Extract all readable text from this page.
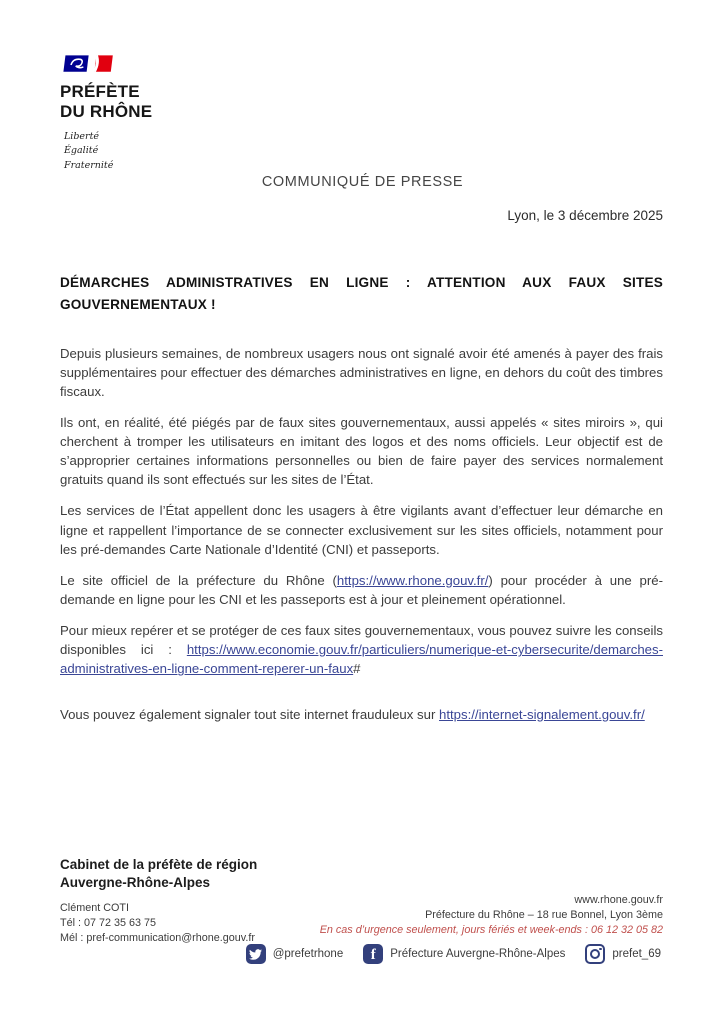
PRÉFÈTE
DU RHÔNE
Liberté
Égalité
Fraternité
COMMUNIQUÉ DE PRESSE
Lyon, le 3 décembre 2025

DÉMARCHES ADMINISTRATIVES EN LIGNE : ATTENTION AUX FAUX SITES GOUVERNEMENTAUX !

Depuis plusieurs semaines, de nombreux usagers nous ont signalé avoir été amenés à payer des frais supplémentaires pour effectuer des démarches administratives en ligne, en dehors du coût des timbres fiscaux.

Ils ont, en réalité, été piégés par de faux sites gouvernementaux, aussi appelés « sites miroirs », qui cherchent à tromper les utilisateurs en imitant des logos et des noms officiels. Leur objectif est de s’approprier certaines informations personnelles ou bien de faire payer des services normalement gratuits quand ils sont effectués sur les sites de l’État.

Les services de l’État appellent donc les usagers à être vigilants avant d’effectuer leur démarche en ligne et rappellent l’importance de se connecter exclusivement sur les sites officiels, notamment pour les pré-demandes Carte Nationale d’Identité (CNI) et passeports.

Le site officiel de la préfecture du Rhône (https://www.rhone.gouv.fr/) pour procéder à une pré-demande en ligne pour les CNI et les passeports est à jour et pleinement opérationnel.

Pour mieux repérer et se protéger de ces faux sites gouvernementaux, vous pouvez suivre les conseils disponibles ici : https://www.economie.gouv.fr/particuliers/numerique-et-cybersecurite/demarches-administratives-en-ligne-comment-reperer-un-faux#

Vous pouvez également signaler tout site internet frauduleux sur https://internet-signalement.gouv.fr/

Cabinet de la préfète de région
Auvergne-Rhône-Alpes
Clément COTI
Tél : 07 72 35 63 75
Mél : pref-communication@rhone.gouv.fr
www.rhone.gouv.fr
Préfecture du Rhône – 18 rue Bonnel, Lyon 3ème
En cas d’urgence seulement, jours fériés et week-ends : 06 12 32 05 82
@prefetrhone f Préfecture Auvergne-Rhône-Alpes	prefet_69
